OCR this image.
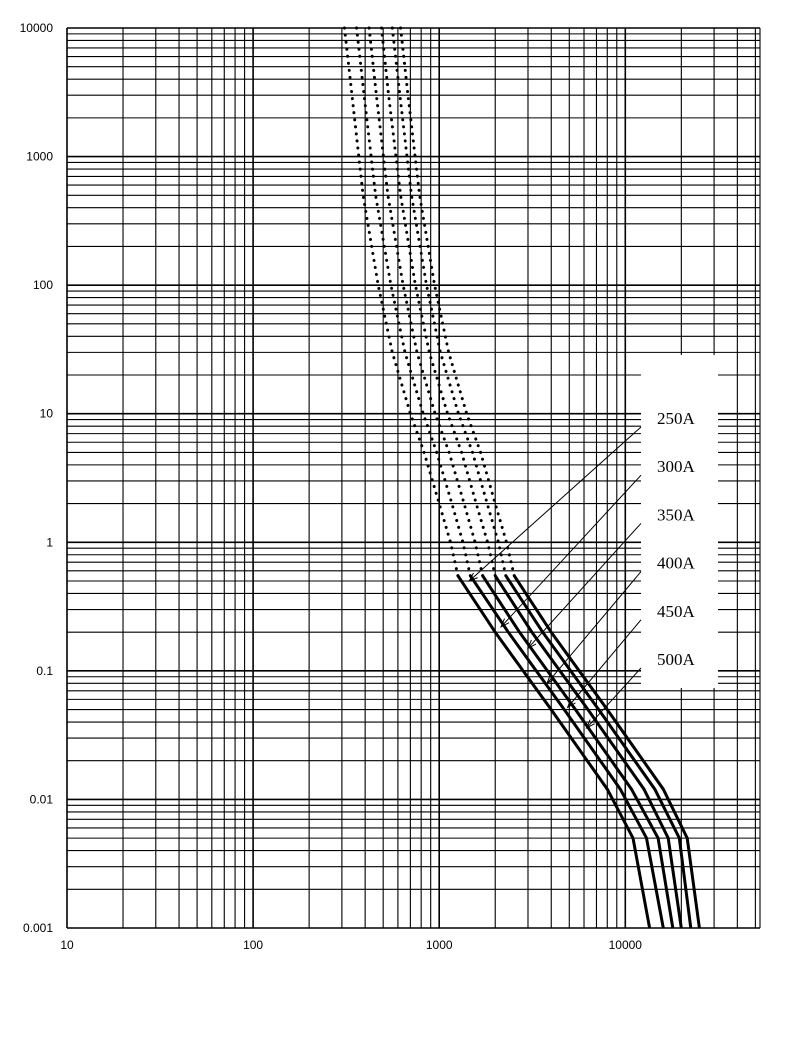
250A
300A
350A
400A
450A
500A
10	100	1000	10000
10000
1000
100
10
1
0.1
0.01
0.001
